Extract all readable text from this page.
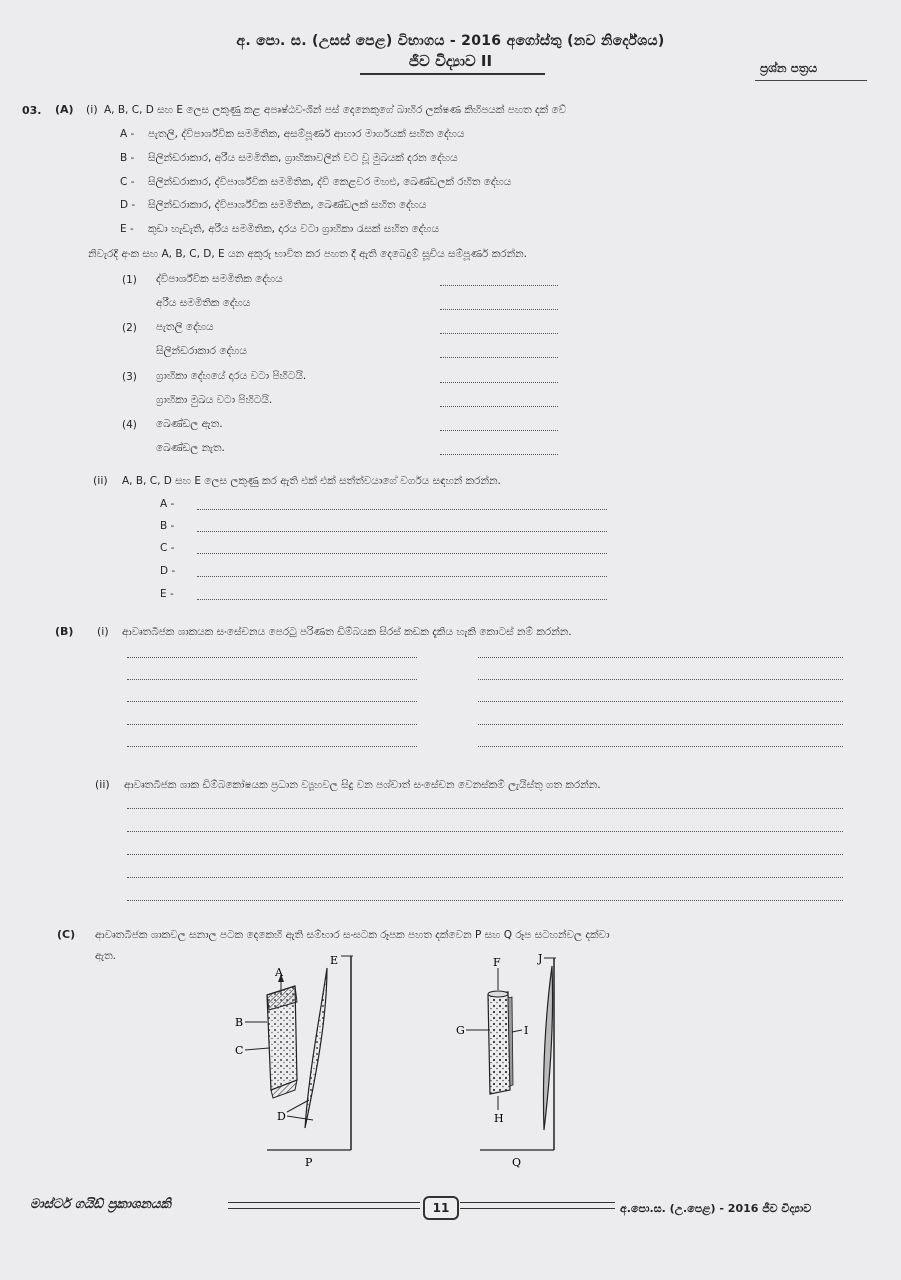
අ. පො. ස. (උසස් පෙළ) විභාගය - 2016 අගෝස්තු (නව නිර්දේශය)
ජීව විද්‍යාව II	ප්‍රශ්න පත්‍රය
03. (A) (i) A, B, C, D සහ E ලෙස ලකුණු කළ අපෘෂ්ඨවංශීන් පස් දෙනෙකුගේ බාහිර ලක්ෂණ කිහිපයක් පහත දක් වේ
A - පැතලි, ද්විපාර්ශ්වික සමමිතික, අසම්පූර්ණ ආහාර මාර්ගයක් සහිත දේහය
B - සිලින්ඩරාකාර, අරීය සමමිතික, ග්‍රාහිකාවලින් වට වූ මුඛයක් දරන දේහය
C - සිලින්ඩරාකාර, ද්විපාර්ශ්වික සමමිතික, ද්වි කෙළවර මහළු, ඛෙණ්ඩලක් රහිත දේහය
D - සිලින්ඩරාකාර, ද්විපාර්ශ්වික සමමිතික, ඛෙණ්ඩලක් සහිත දේහය
E - කුඩා හැඩැති, අරීය සමමිතික, දාරය වටා ග්‍රාහිකා රැසක් සහිත දේහය
නිවැරදි අංක සහ A, B, C, D, E යන අකුරු භාවිත කර පහත දී ඇති දෙබෙදුම් සූචිය සම්පූර්ණ කරන්න.
(1) ද්විපාර්ශ්වික සමමිතික දේහය
අරීය සමමිතික දේහය
(2) පැතලි දේහය
සිලින්ඩරාකාර දේහය
(3) ග්‍රාහිකා දේහයේ දාරය වටා පිහිටයි.
ග්‍රාහිකා මුඛය වටා පිහිටයි.
(4) ඛෙණ්ඩල ඇත.
ඛෙණ්ඩල නැත.
(ii) A, B, C, D සහ E ලෙස ලකුණු කර ඇති එක් එක් සත්ත්වයාගේ වර්ගය සඳහන් කරන්න.
A -
B -
C -
D -
E -
(B) (i) ආවෘතබීජක ශාකයක සංසේචනය පෙරටු පරිණත ඩිම්බයක සිරස් කඩක දැකිය හැකි කොටස් නම් කරන්න.
(ii) ආවෘතබීජක ශාක ඩිම්බකෝෂයක ප්‍රධාන ව්‍යූහවල සිදු වන පශ්චාත් සංසේචන වෙනස්කම් ලැයිස්තු ගත කරන්න.
(C) ආවෘතබීජක ශාකවල සනාල පටක දෙකෙහි ඇති සම්භාර සංඝටක රූපක පහත දක්වෙන P සහ Q රූප සටහන්වල දක්වා
ඇත.
A
B
C
D
E
P
F
G
H
I
J
Q
මාස්ටර් ගයිඩ් ප්‍රකාශනයකි	11	අ.පො.ස. (උ.පෙළ) - 2016 ජීව විද්‍යාව
